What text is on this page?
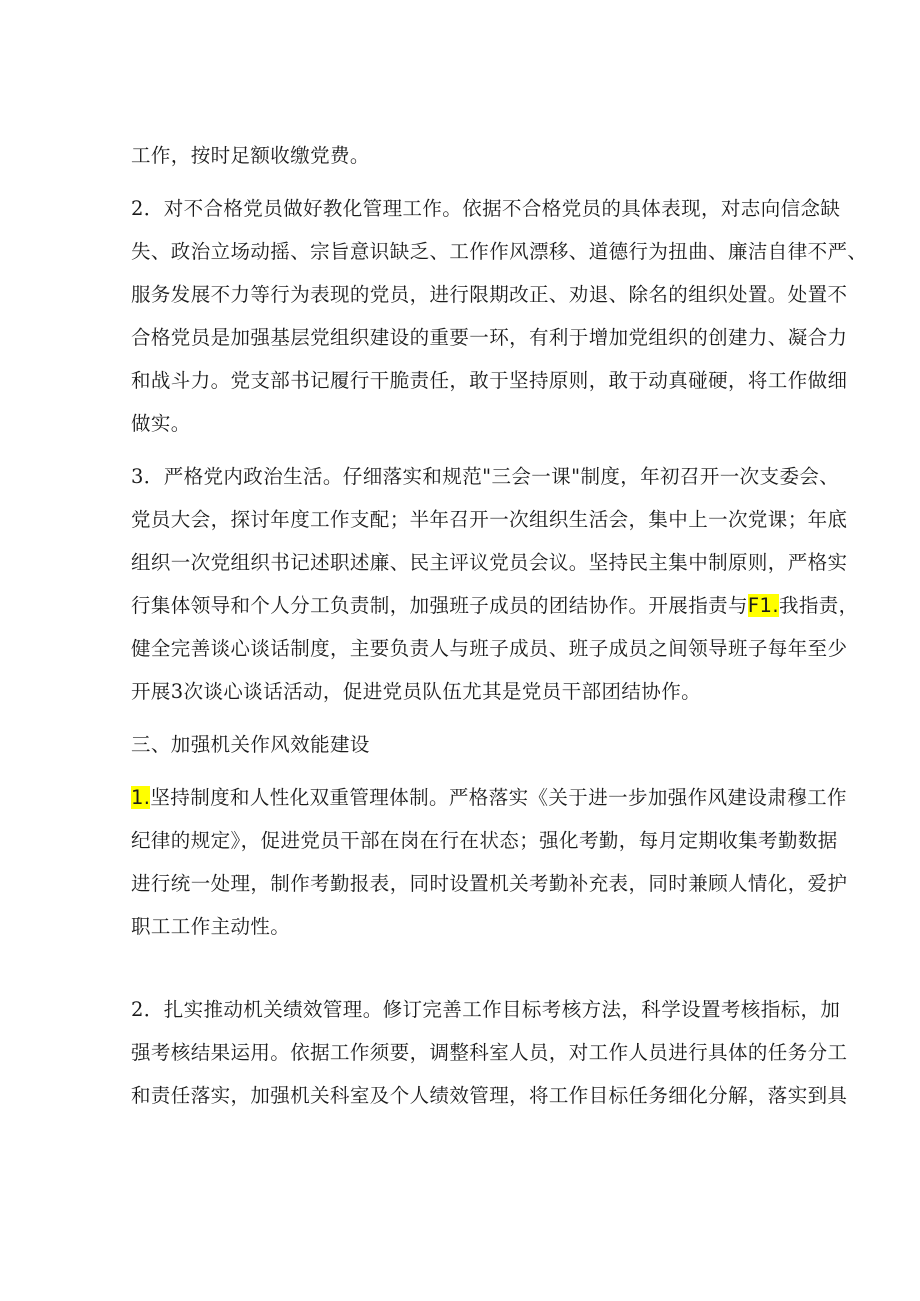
工作，按时足额收缴党费。
2．对不合格党员做好教化管理工作。依据不合格党员的具体表现，对志向信念缺
失、政治立场动摇、宗旨意识缺乏、工作作风漂移、道德行为扭曲、廉洁自律不严、
服务发展不力等行为表现的党员，进行限期改正、劝退、除名的组织处置。处置不
合格党员是加强基层党组织建设的重要一环，有利于增加党组织的创建力、凝合力
和战斗力。党支部书记履行干脆责任，敢于坚持原则，敢于动真碰硬，将工作做细
做实。
3．严格党内政治生活。仔细落实和规范"三会一课"制度，年初召开一次支委会、
党员大会，探讨年度工作支配；半年召开一次组织生活会，集中上一次党课；年底
组织一次党组织书记述职述廉、民主评议党员会议。坚持民主集中制原则，严格实
行集体领导和个人分工负责制，加强班子成员的团结协作。开展指责与F1.我指责，
健全完善谈心谈话制度，主要负责人与班子成员、班子成员之间领导班子每年至少
开展3次谈心谈话活动，促进党员队伍尤其是党员干部团结协作。
三、加强机关作风效能建设
1.坚持制度和人性化双重管理体制。严格落实《关于进一步加强作风建设肃穆工作
纪律的规定》，促进党员干部在岗在行在状态；强化考勤，每月定期收集考勤数据
进行统一处理，制作考勤报表，同时设置机关考勤补充表，同时兼顾人情化，爱护
职工工作主动性。
2．扎实推动机关绩效管理。修订完善工作目标考核方法，科学设置考核指标，加
强考核结果运用。依据工作须要，调整科室人员，对工作人员进行具体的任务分工
和责任落实，加强机关科室及个人绩效管理，将工作目标任务细化分解，落实到具
